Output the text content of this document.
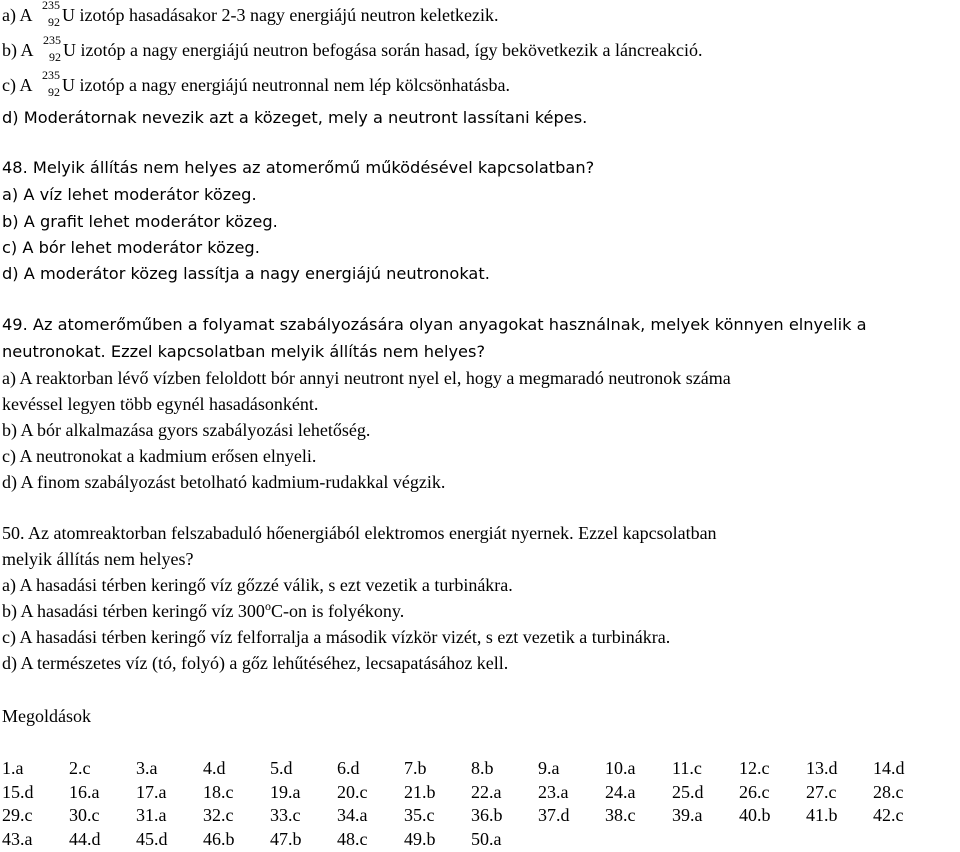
a) A 235
92 U izotóp hasadásakor 2-3 nagy energiájú neutron keletkezik.
b) A 235
92 U izotóp a nagy energiájú neutron befogása során hasad, így bekövetkezik a láncreakció.
c) A 235
92 U izotóp a nagy energiájú neutronnal nem lép kölcsönhatásba.
d) Moderátornak nevezik azt a közeget, mely a neutront lassítani képes.
48. Melyik állítás nem helyes az atomerőmű működésével kapcsolatban?
a) A víz lehet moderátor közeg.
b) A grafit lehet moderátor közeg.
c) A bór lehet moderátor közeg.
d) A moderátor közeg lassítja a nagy energiájú neutronokat.
49. Az atomerőműben a folyamat szabályozására olyan anyagokat használnak, melyek könnyen elnyelik a
neutronokat. Ezzel kapcsolatban melyik állítás nem helyes?
a) A reaktorban lévő vízben feloldott bór annyi neutront nyel el, hogy a megmaradó neutronok száma
kevéssel legyen több egynél hasadásonként.
b) A bór alkalmazása gyors szabályozási lehetőség.
c) A neutronokat a kadmium erősen elnyeli.
d) A finom szabályozást betolható kadmium-rudakkal végzik.
50. Az atomreaktorban felszabaduló hőenergiából elektromos energiát nyernek. Ezzel kapcsolatban
melyik állítás nem helyes?
a) A hasadási térben keringő víz gőzzé válik, s ezt vezetik a turbinákra.
b) A hasadási térben keringő víz 300$^o$C-on is folyékony.
c) A hasadási térben keringő víz felforralja a második vízkör vizét, s ezt vezetik a turbinákra.
d) A természetes víz (tó, folyó) a gőz lehűtéséhez, lecsapatásához kell.
Megoldások
1.a	2.c	3.a	4.d	5.d	6.d	7.b	8.b	9.a	10.a	11.c	12.c	13.d	14.d
15.d	16.a	17.a	18.c	19.a	20.c	21.b	22.a	23.a	24.a	25.d	26.c	27.c	28.c
29.c	30.c	31.a	32.c	33.c	34.a	35.c	36.b	37.d	38.c	39.a	40.b	41.b	42.c
43.a	44.d	45.d	46.b	47.b	48.c	49.b	50.a						
